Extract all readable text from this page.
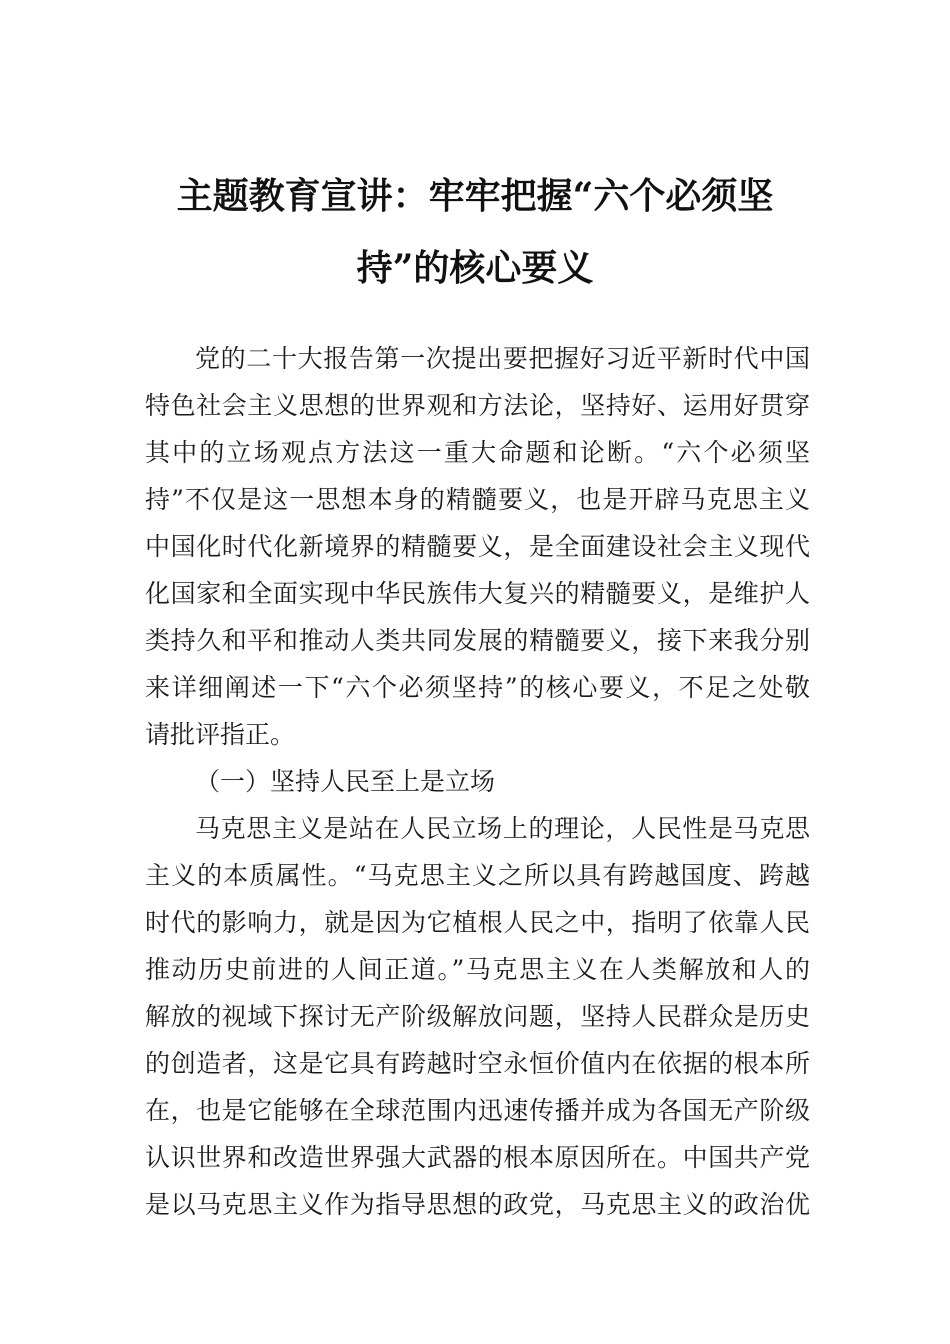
主题教育宣讲：牢牢把握“六个必须坚
持”的核心要义
党的二十大报告第一次提出要把握好习近平新时代中国
特色社会主义思想的世界观和方法论，坚持好、运用好贯穿
其中的立场观点方法这一重大命题和论断。“六个必须坚
持”不仅是这一思想本身的精髓要义，也是开辟马克思主义
中国化时代化新境界的精髓要义，是全面建设社会主义现代
化国家和全面实现中华民族伟大复兴的精髓要义，是维护人
类持久和平和推动人类共同发展的精髓要义，接下来我分别
来详细阐述一下“六个必须坚持”的核心要义，不足之处敬
请批评指正。
（一）坚持人民至上是立场
马克思主义是站在人民立场上的理论，人民性是马克思
主义的本质属性。“马克思主义之所以具有跨越国度、跨越
时代的影响力，就是因为它植根人民之中，指明了依靠人民
推动历史前进的人间正道。”马克思主义在人类解放和人的
解放的视域下探讨无产阶级解放问题，坚持人民群众是历史
的创造者，这是它具有跨越时空永恒价值内在依据的根本所
在，也是它能够在全球范围内迅速传播并成为各国无产阶级
认识世界和改造世界强大武器的根本原因所在。中国共产党
是以马克思主义作为指导思想的政党，马克思主义的政治优
